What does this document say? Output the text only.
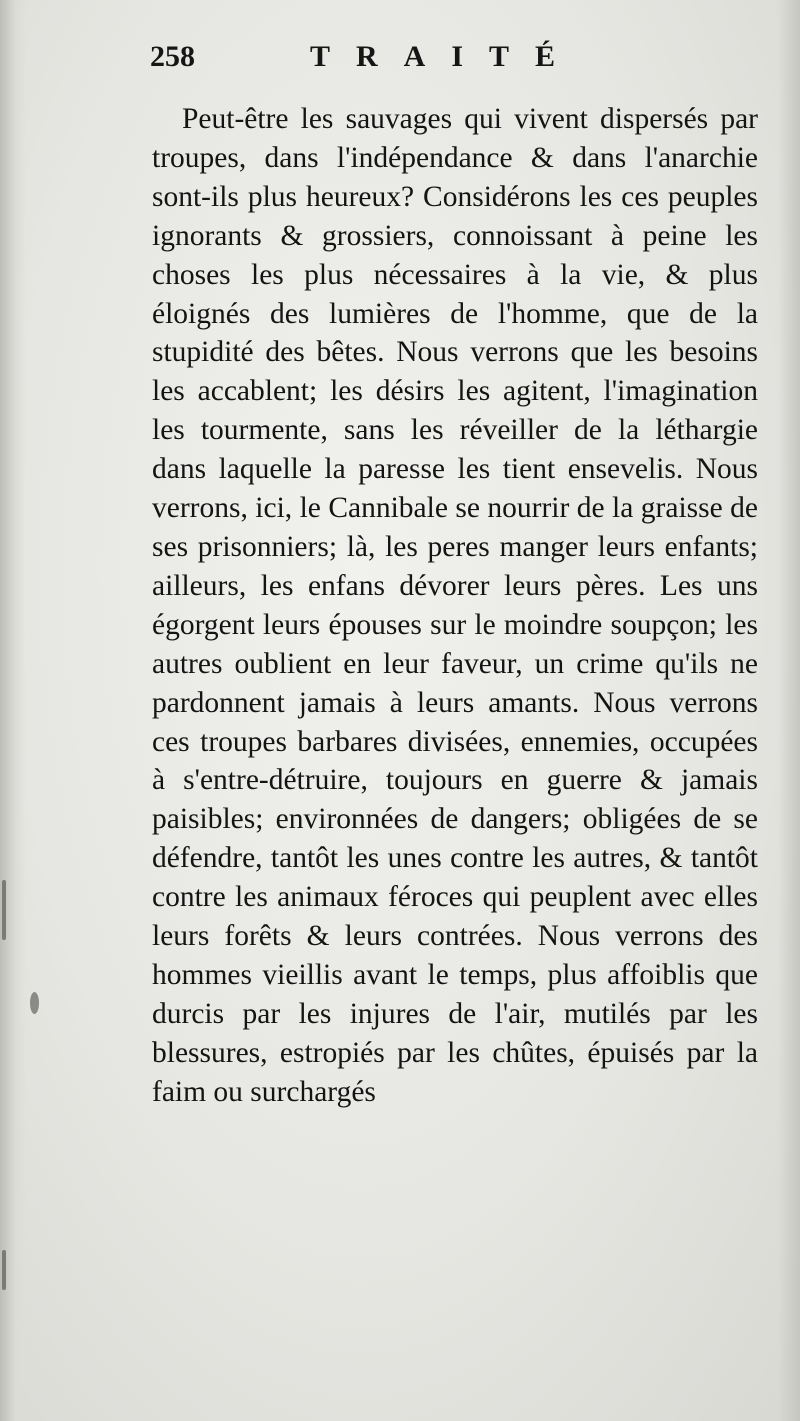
258	TRAITÉ

Peut-être les sauvages qui vivent dispersés par troupes, dans l'indépendance & dans l'anarchie sont-ils plus heureux? Considérons les ces peuples ignorants & grossiers, connoissant à peine les choses les plus nécessaires à la vie, & plus éloignés des lumières de l'homme, que de la stupidité des bêtes. Nous verrons que les besoins les accablent; les désirs les agitent, l'imagination les tourmente, sans les réveiller de la léthargie dans laquelle la paresse les tient ensevelis. Nous verrons, ici, le Cannibale se nourrir de la graisse de ses prisonniers; là, les peres manger leurs enfants; ailleurs, les enfans dévorer leurs pères. Les uns égorgent leurs épouses sur le moindre soupçon; les autres oublient en leur faveur, un crime qu'ils ne pardonnent jamais à leurs amants. Nous verrons ces troupes barbares divisées, ennemies, occupées à s'entre-détruire, toujours en guerre & jamais paisibles; environnées de dangers; obligées de se défendre, tantôt les unes contre les autres, & tantôt contre les animaux féroces qui peuplent avec elles leurs forêts & leurs contrées. Nous verrons des hommes vieillis avant le temps, plus affoiblis que durcis par les injures de l'air, mutilés par les blessures, estropiés par les chûtes, épuisés par la faim ou surchargés
